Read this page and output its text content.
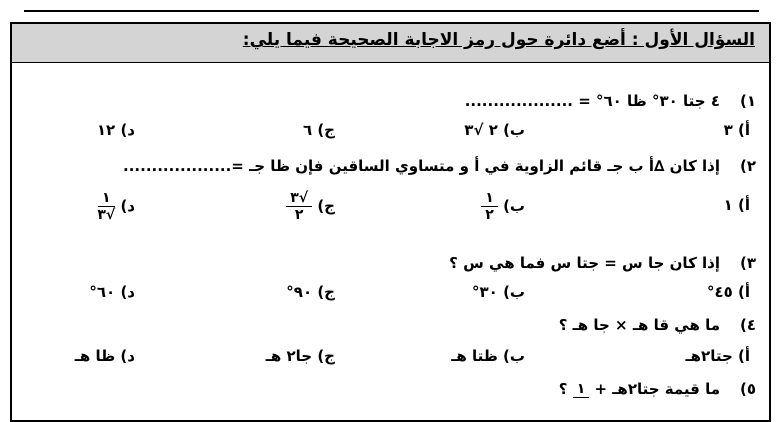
السؤال الأول : أضع دائرة حول رمز الاجابة الصحيحة فيما يلي:
١)
٤ جتا ٣٠° ظا ٦٠° = ...................
أ) ٣
ب) ٢ √٣
ج) ٦
د) ١٢
٢)
إذا كان ∆أ ب جـ قائم الزاوية في أ و متساوي الساقين فإن ظا جـ =...................
أ) ١
ب)
$\frac{١}{٢}$
ج)
$\frac{√٣}{٢}$
د)
$\frac{١}{√٣}$
٣)
إذا كان جا س = جتا س فما هي س ؟
أ) ٤٥°
ب) ٣٠°
ج) ٩٠°
د) ٦٠°
٤)
ما هي قا هـ × جا هـ ؟
أ) جتا٢هـ
ب) ظتا هـ
ج) جا٢ هـ
د) ظا هـ
٥)
ما قيمة جتا٢هـ +
١
؟
